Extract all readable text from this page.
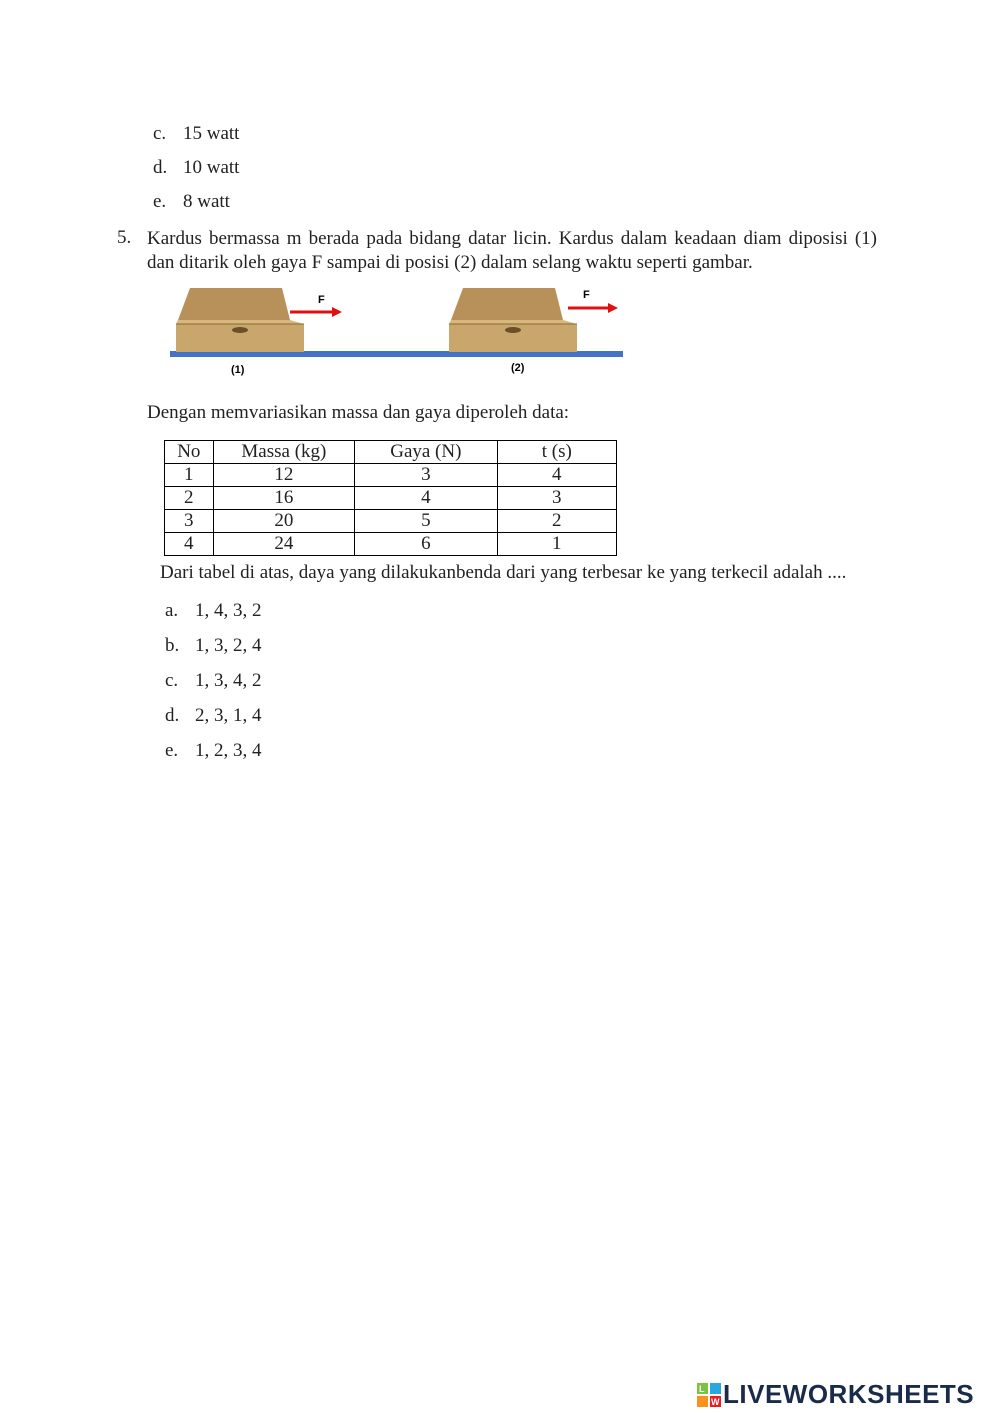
c. 15 watt
d. 10 watt
e. 8 watt
5. Kardus bermassa m berada pada bidang datar licin. Kardus dalam keadaan diam diposisi (1) dan ditarik oleh gaya F sampai di posisi (2) dalam selang waktu seperti gambar.
F	F
(1)	(2)
Dengan memvariasikan massa dan gaya diperoleh data:
No	Massa (kg)	Gaya (N)	t (s)
1	12	3	4
2	16	4	3
3	20	5	2
4	24	6	1
Dari tabel di atas, daya yang dilakukanbenda dari yang terbesar ke yang terkecil adalah ....
a. 1, 4, 3, 2
b. 1, 3, 2, 4
c. 1, 3, 4, 2
d. 2, 3, 1, 4
e. 1, 2, 3, 4
L
W LIVEWORKSHEETS
